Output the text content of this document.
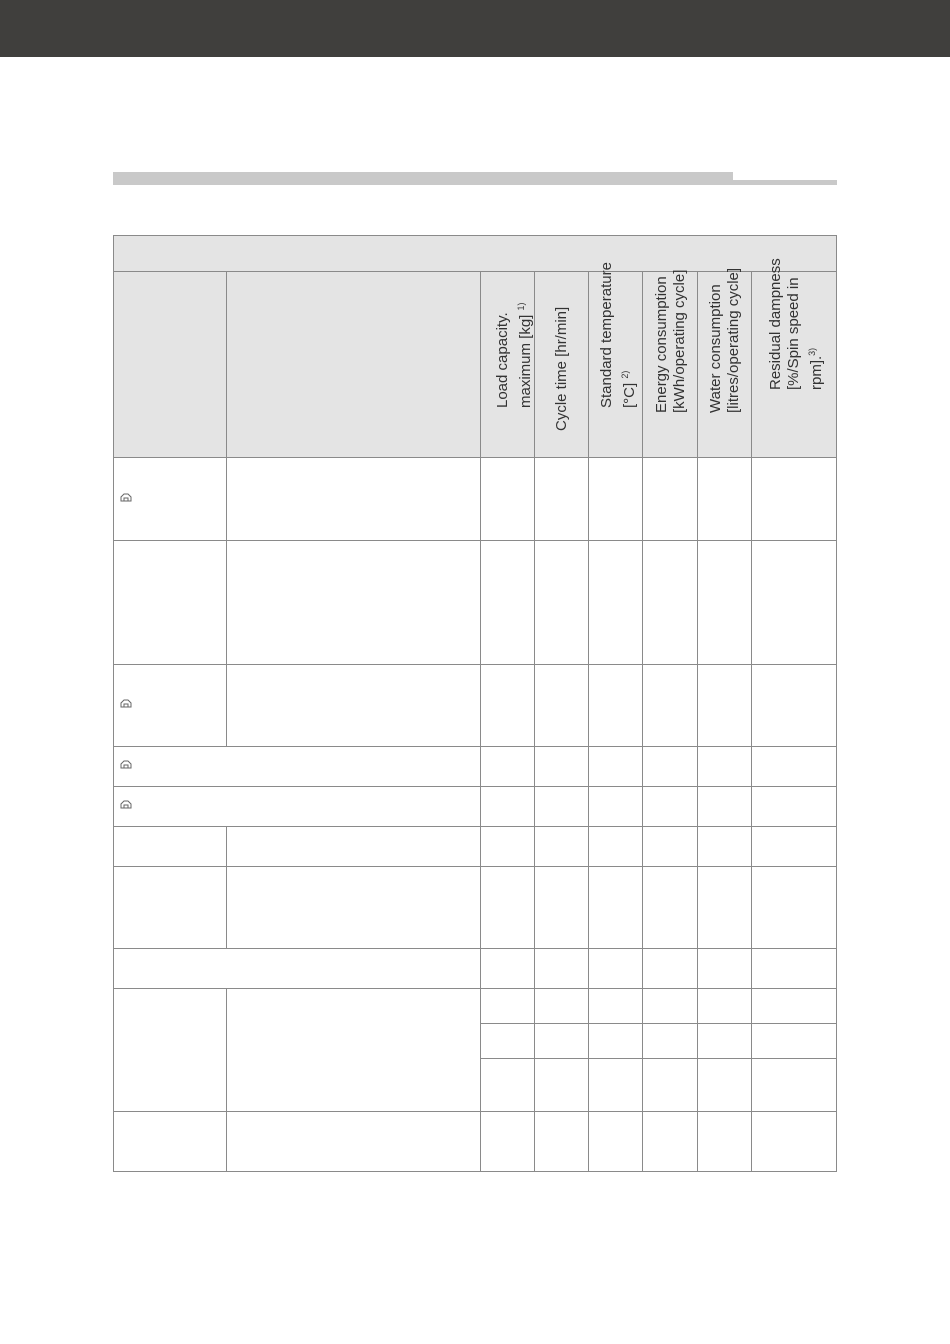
Load capacity. maximum [kg] $^{1)}$
Cycle time [hr/min] Standard temperature [°C] $^{2)}$	Energy consumption [kWh/operating cycle] Water consumption [litres/operating cycle] Residual dampness [%/Spin speed in rpm].$^{3)}$
